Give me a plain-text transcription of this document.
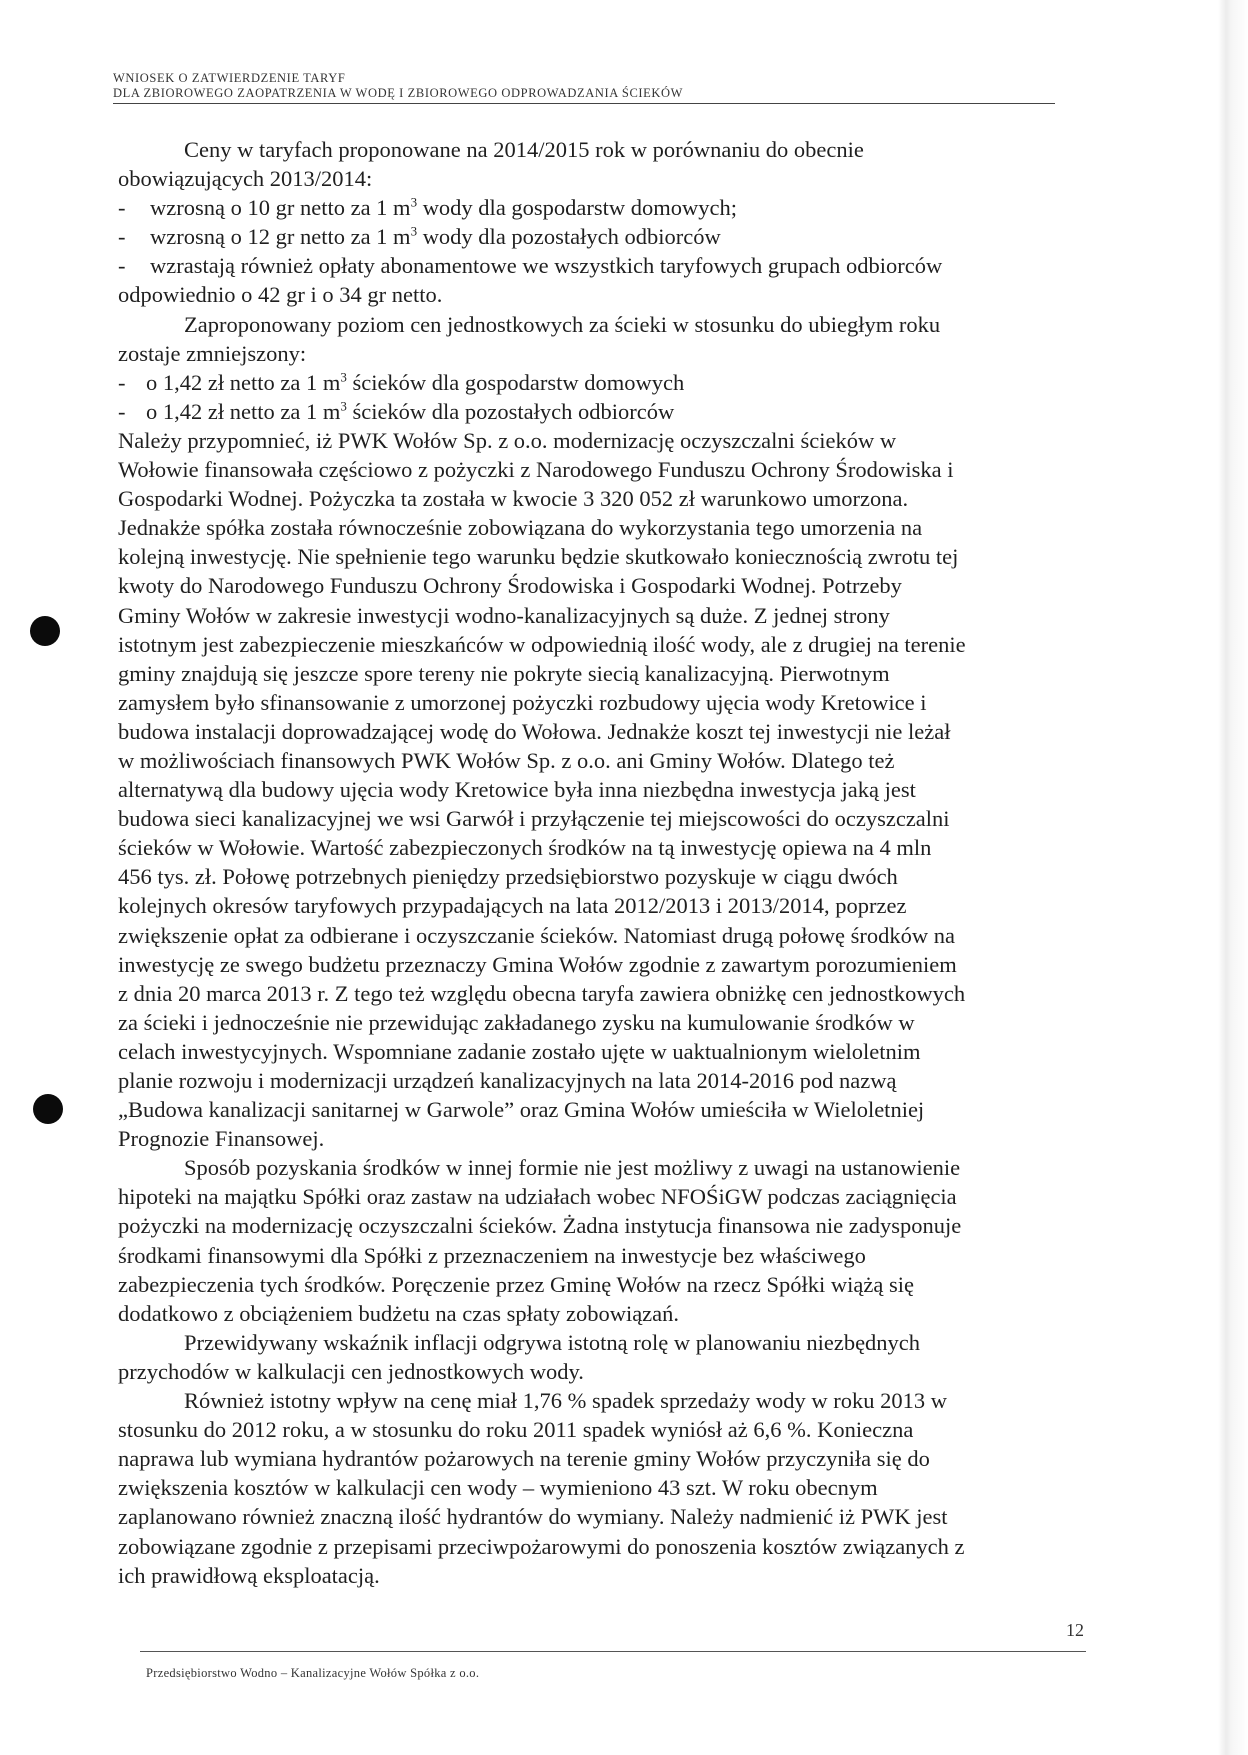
WNIOSEK O ZATWIERDZENIE TARYF
DLA ZBIOROWEGO ZAOPATRZENIA W WODĘ I ZBIOROWEGO ODPROWADZANIA ŚCIEKÓW

Ceny w taryfach proponowane na 2014/2015 rok w porównaniu do obecnie

obowiązujących 2013/2014:

- wzrosną o 10 gr netto za 1 $m^3$ wody dla gospodarstw domowych;

- wzrosną o 12 gr netto za 1 $m^3$ wody dla pozostałych odbiorców

- wzrastają również opłaty abonamentowe we wszystkich taryfowych grupach odbiorców

odpowiednio o 42 gr i o 34 gr netto.

Zaproponowany poziom cen jednostkowych za ścieki w stosunku do ubiegłym roku

zostaje zmniejszony:

- o 1,42 zł netto za 1 $m^3$ ścieków dla gospodarstw domowych

- o 1,42 zł netto za 1 $m^3$ ścieków dla pozostałych odbiorców

Należy przypomnieć, iż PWK Wołów Sp. z o.o. modernizację oczyszczalni ścieków w

Wołowie finansowała częściowo z pożyczki z Narodowego Funduszu Ochrony Środowiska i

Gospodarki Wodnej. Pożyczka ta została w kwocie 3 320 052 zł warunkowo umorzona.

Jednakże spółka została równocześnie zobowiązana do wykorzystania tego umorzenia na

kolejną inwestycję. Nie spełnienie tego warunku będzie skutkowało koniecznością zwrotu tej

kwoty do Narodowego Funduszu Ochrony Środowiska i Gospodarki Wodnej. Potrzeby

Gminy Wołów w zakresie inwestycji wodno-kanalizacyjnych są duże. Z jednej strony

istotnym jest zabezpieczenie mieszkańców w odpowiednią ilość wody, ale z drugiej na terenie

gminy znajdują się jeszcze spore tereny nie pokryte siecią kanalizacyjną. Pierwotnym

zamysłem było sfinansowanie z umorzonej pożyczki rozbudowy ujęcia wody Kretowice i

budowa instalacji doprowadzającej wodę do Wołowa. Jednakże koszt tej inwestycji nie leżał

w możliwościach finansowych PWK Wołów Sp. z o.o. ani Gminy Wołów. Dlatego też

alternatywą dla budowy ujęcia wody Kretowice była inna niezbędna inwestycja jaką jest

budowa sieci kanalizacyjnej we wsi Garwół i przyłączenie tej miejscowości do oczyszczalni

ścieków w Wołowie. Wartość zabezpieczonych środków na tą inwestycję opiewa na 4 mln

456 tys. zł. Połowę potrzebnych pieniędzy przedsiębiorstwo pozyskuje w ciągu dwóch

kolejnych okresów taryfowych przypadających na lata 2012/2013 i 2013/2014, poprzez

zwiększenie opłat za odbierane i oczyszczanie ścieków. Natomiast drugą połowę środków na

inwestycję ze swego budżetu przeznaczy Gmina Wołów zgodnie z zawartym porozumieniem

z dnia 20 marca 2013 r. Z tego też względu obecna taryfa zawiera obniżkę cen jednostkowych

za ścieki i jednocześnie nie przewidując zakładanego zysku na kumulowanie środków w

celach inwestycyjnych. Wspomniane zadanie zostało ujęte w uaktualnionym wieloletnim

planie rozwoju i modernizacji urządzeń kanalizacyjnych na lata 2014-2016 pod nazwą

„Budowa kanalizacji sanitarnej w Garwole” oraz Gmina Wołów umieściła w Wieloletniej

Prognozie Finansowej.

Sposób pozyskania środków w innej formie nie jest możliwy z uwagi na ustanowienie

hipoteki na majątku Spółki oraz zastaw na udziałach wobec NFOŚiGW podczas zaciągnięcia

pożyczki na modernizację oczyszczalni ścieków. Żadna instytucja finansowa nie zadysponuje

środkami finansowymi dla Spółki z przeznaczeniem na inwestycje bez właściwego

zabezpieczenia tych środków. Poręczenie przez Gminę Wołów na rzecz Spółki wiążą się

dodatkowo z obciążeniem budżetu na czas spłaty zobowiązań.

Przewidywany wskaźnik inflacji odgrywa istotną rolę w planowaniu niezbędnych

przychodów w kalkulacji cen jednostkowych wody.

Również istotny wpływ na cenę miał 1,76 % spadek sprzedaży wody w roku 2013 w

stosunku do 2012 roku, a w stosunku do roku 2011 spadek wyniósł aż 6,6 %. Konieczna

naprawa lub wymiana hydrantów pożarowych na terenie gminy Wołów przyczyniła się do

zwiększenia kosztów w kalkulacji cen wody – wymieniono 43 szt. W roku obecnym

zaplanowano również znaczną ilość hydrantów do wymiany. Należy nadmienić iż PWK jest

zobowiązane zgodnie z przepisami przeciwpożarowymi do ponoszenia kosztów związanych z

ich prawidłową eksploatacją.

12
Przedsiębiorstwo Wodno – Kanalizacyjne Wołów Spółka z o.o.
